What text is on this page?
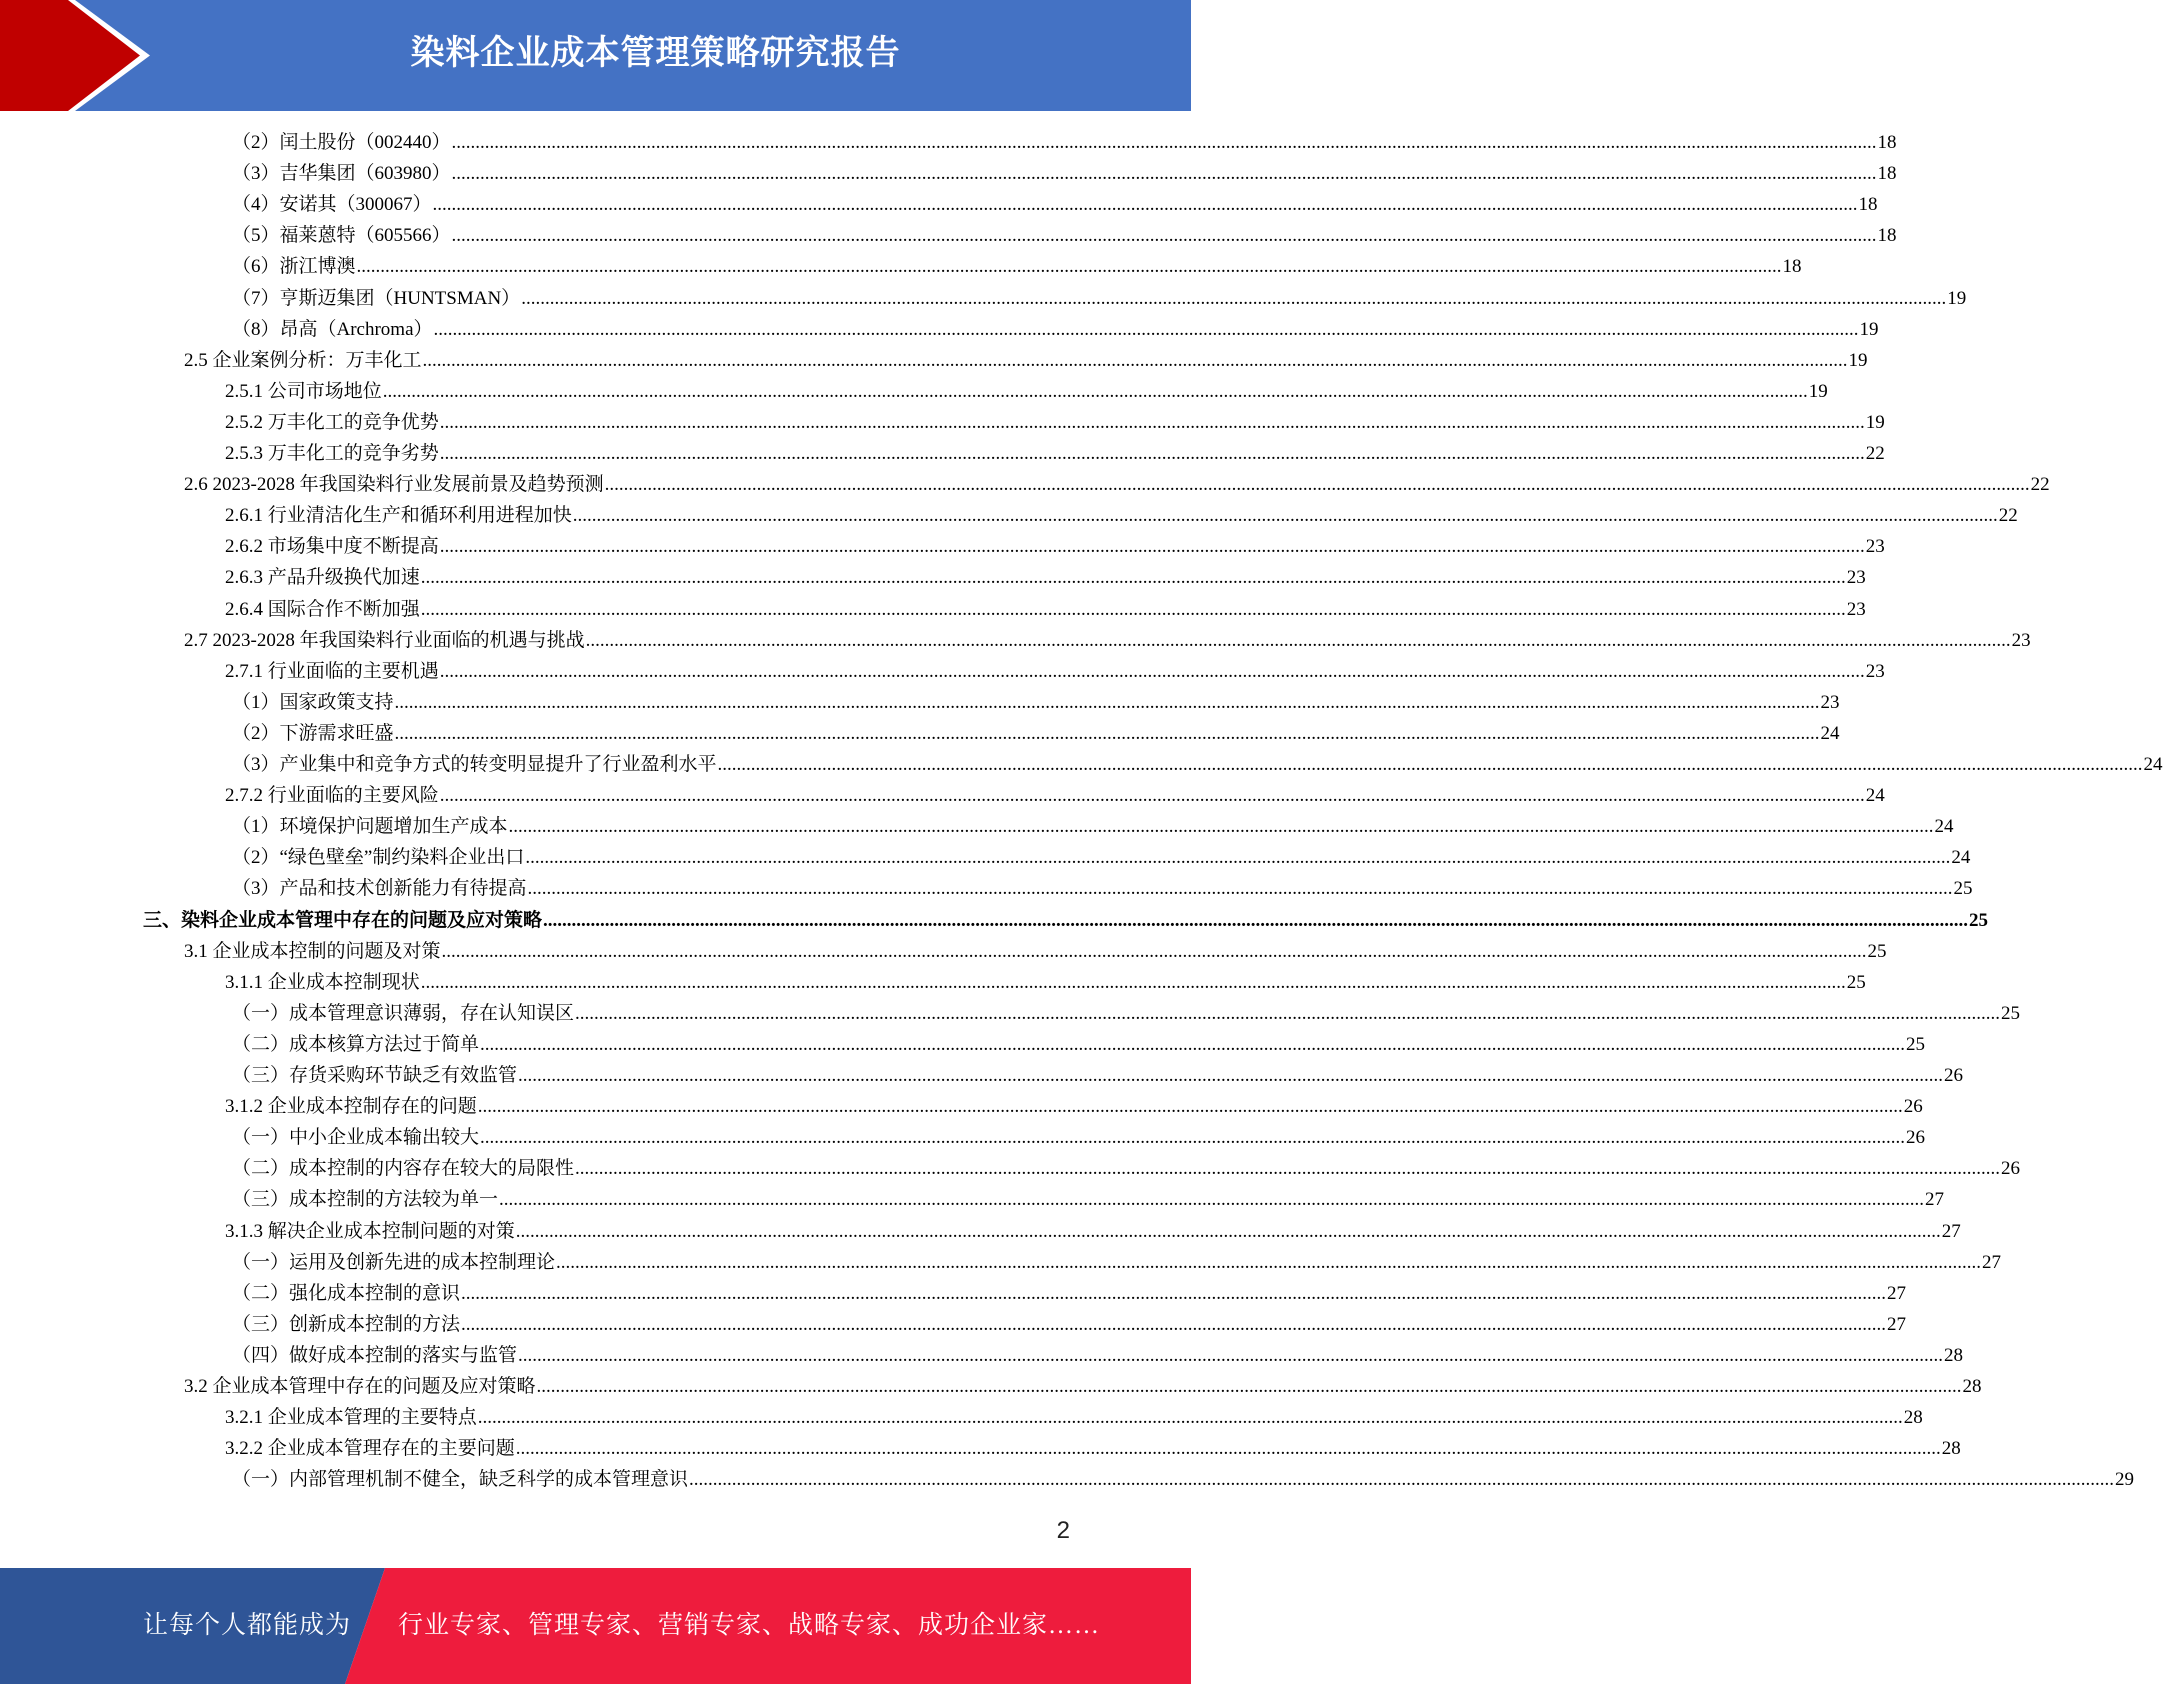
染料企业成本管理策略研究报告
（2）闰土股份（002440） ............................................................................................................................................................................................................................................................................................................ 18
（3）吉华集团（603980） ............................................................................................................................................................................................................................................................................................................ 18
（4）安诺其（300067） ............................................................................................................................................................................................................................................................................................................ 18
（5）福莱蒽特（605566） ............................................................................................................................................................................................................................................................................................................ 18
（6）浙江博澳 ............................................................................................................................................................................................................................................................................................................ 18
（7）亨斯迈集团（HUNTSMAN） ............................................................................................................................................................................................................................................................................................................ 19
（8）昂高（Archroma） ............................................................................................................................................................................................................................................................................................................ 19
2.5 企业案例分析：万丰化工 ............................................................................................................................................................................................................................................................................................................ 19
2.5.1 公司市场地位 ............................................................................................................................................................................................................................................................................................................ 19
2.5.2 万丰化工的竞争优势 ............................................................................................................................................................................................................................................................................................................ 19
2.5.3 万丰化工的竞争劣势 ............................................................................................................................................................................................................................................................................................................ 22
2.6 2023-2028 年我国染料行业发展前景及趋势预测 ............................................................................................................................................................................................................................................................................................................ 22
2.6.1 行业清洁化生产和循环利用进程加快 ............................................................................................................................................................................................................................................................................................................ 22
2.6.2 市场集中度不断提高 ............................................................................................................................................................................................................................................................................................................ 23
2.6.3 产品升级换代加速 ............................................................................................................................................................................................................................................................................................................ 23
2.6.4 国际合作不断加强 ............................................................................................................................................................................................................................................................................................................ 23
2.7 2023-2028 年我国染料行业面临的机遇与挑战 ............................................................................................................................................................................................................................................................................................................ 23
2.7.1 行业面临的主要机遇 ............................................................................................................................................................................................................................................................................................................ 23
（1）国家政策支持 ............................................................................................................................................................................................................................................................................................................ 23
（2）下游需求旺盛 ............................................................................................................................................................................................................................................................................................................ 24
（3）产业集中和竞争方式的转变明显提升了行业盈利水平 ............................................................................................................................................................................................................................................................................................................ 24
2.7.2 行业面临的主要风险 ............................................................................................................................................................................................................................................................................................................ 24
（1）环境保护问题增加生产成本 ............................................................................................................................................................................................................................................................................................................ 24
（2）“绿色壁垒”制约染料企业出口 ............................................................................................................................................................................................................................................................................................................ 24
（3）产品和技术创新能力有待提高 ............................................................................................................................................................................................................................................................................................................ 25
三、染料企业成本管理中存在的问题及应对策略 ............................................................................................................................................................................................................................................................................................................ 25
3.1 企业成本控制的问题及对策 ............................................................................................................................................................................................................................................................................................................ 25
3.1.1 企业成本控制现状 ............................................................................................................................................................................................................................................................................................................ 25
（一）成本管理意识薄弱，存在认知误区 ............................................................................................................................................................................................................................................................................................................ 25
（二）成本核算方法过于简单 ............................................................................................................................................................................................................................................................................................................ 25
（三）存货采购环节缺乏有效监管 ............................................................................................................................................................................................................................................................................................................ 26
3.1.2 企业成本控制存在的问题 ............................................................................................................................................................................................................................................................................................................ 26
（一）中小企业成本输出较大 ............................................................................................................................................................................................................................................................................................................ 26
（二）成本控制的内容存在较大的局限性 ............................................................................................................................................................................................................................................................................................................ 26
（三）成本控制的方法较为单一 ............................................................................................................................................................................................................................................................................................................ 27
3.1.3 解决企业成本控制问题的对策 ............................................................................................................................................................................................................................................................................................................ 27
（一）运用及创新先进的成本控制理论 ............................................................................................................................................................................................................................................................................................................ 27
（二）强化成本控制的意识 ............................................................................................................................................................................................................................................................................................................ 27
（三）创新成本控制的方法 ............................................................................................................................................................................................................................................................................................................ 27
（四）做好成本控制的落实与监管 ............................................................................................................................................................................................................................................................................................................ 28
3.2 企业成本管理中存在的问题及应对策略 ............................................................................................................................................................................................................................................................................................................ 28
3.2.1 企业成本管理的主要特点 ............................................................................................................................................................................................................................................................................................................ 28
3.2.2 企业成本管理存在的主要问题 ............................................................................................................................................................................................................................................................................................................ 28
（一）内部管理机制不健全，缺乏科学的成本管理意识 ............................................................................................................................................................................................................................................................................................................ 29
2
让每个人都能成为 行业专家、管理专家、营销专家、战略专家、成功企业家……
